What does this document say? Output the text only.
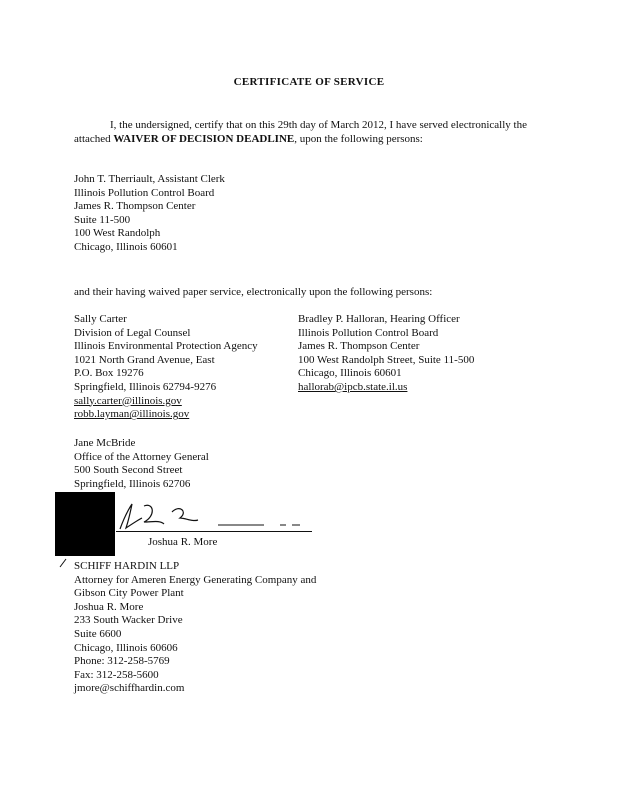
CERTIFICATE OF SERVICE
I, the undersigned, certify that on this 29th day of March 2012, I have served electronically the attached WAIVER OF DECISION DEADLINE, upon the following persons:
John T. Therriault, Assistant Clerk
Illinois Pollution Control Board
James R. Thompson Center
Suite 11-500
100 West Randolph
Chicago, Illinois 60601
and their having waived paper service, electronically upon the following persons:
Sally Carter
Division of Legal Counsel
Illinois Environmental Protection Agency
1021 North Grand Avenue, East
P.O. Box 19276
Springfield, Illinois 62794-9276
sally.carter@illinois.gov
robb.layman@illinois.gov
Bradley P. Halloran, Hearing Officer
Illinois Pollution Control Board
James R. Thompson Center
100 West Randolph Street, Suite 11-500
Chicago, Illinois 60601
hallorab@ipcb.state.il.us
Jane McBride
Office of the Attorney General
500 South Second Street
Springfield, Illinois 62706
Joshua R. More
SCHIFF HARDIN LLP
Attorney for Ameren Energy Generating Company and
Gibson City Power Plant
Joshua R. More
233 South Wacker Drive
Suite 6600
Chicago, Illinois 60606
Phone: 312-258-5769
Fax: 312-258-5600
jmore@schiffhardin.com
